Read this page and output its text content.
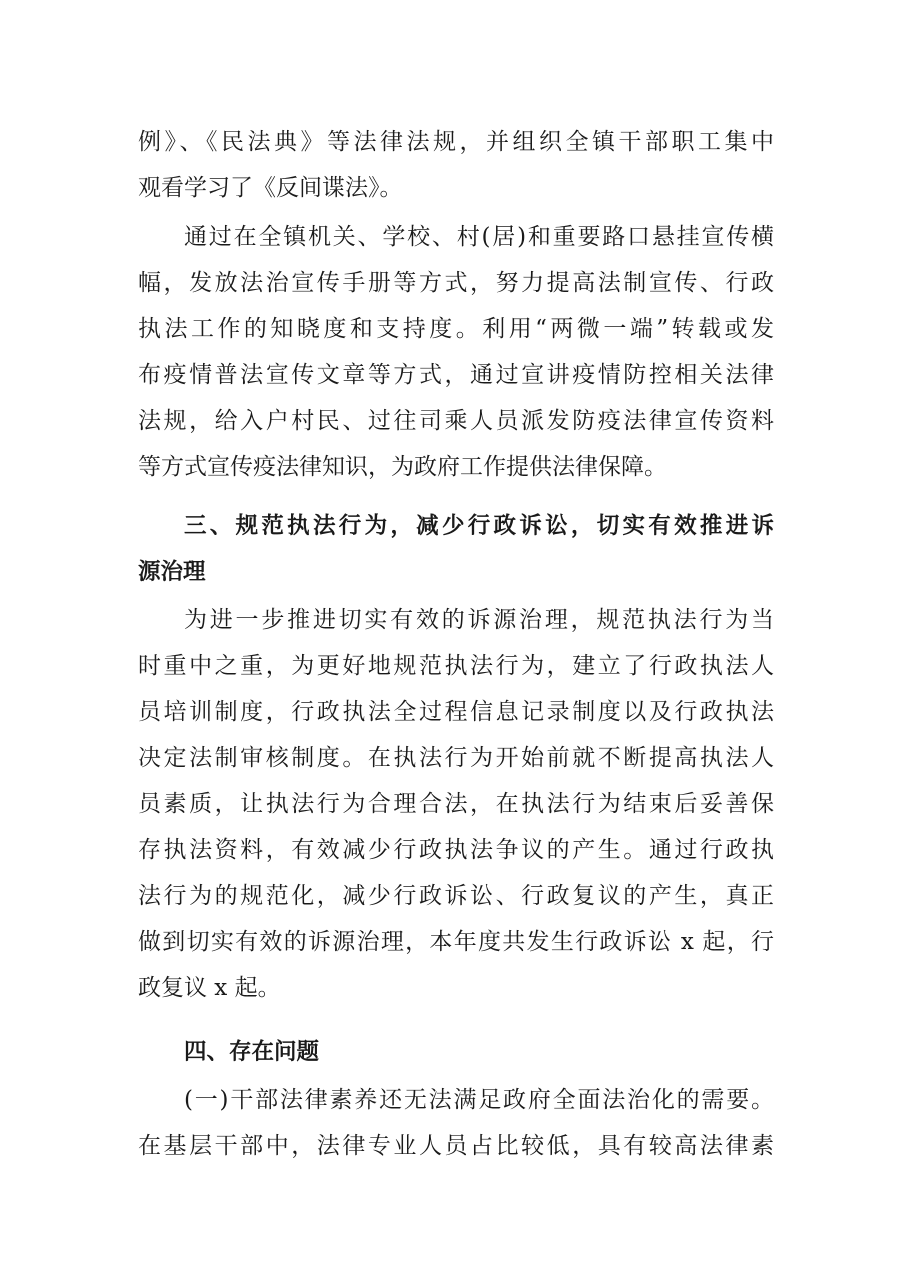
例》、《民法典》等法律法规，并组织全镇干部职工集中
观看学习了《反间谍法》。
通过在全镇机关、学校、村(居)和重要路口悬挂宣传横
幅，发放法治宣传手册等方式，努力提高法制宣传、行政
执法工作的知晓度和支持度。利用“两微一端”转载或发
布疫情普法宣传文章等方式，通过宣讲疫情防控相关法律
法规，给入户村民、过往司乘人员派发防疫法律宣传资料
等方式宣传疫法律知识，为政府工作提供法律保障。
三、规范执法行为，减少行政诉讼，切实有效推进诉
源治理
为进一步推进切实有效的诉源治理，规范执法行为当
时重中之重，为更好地规范执法行为，建立了行政执法人
员培训制度，行政执法全过程信息记录制度以及行政执法
决定法制审核制度。在执法行为开始前就不断提高执法人
员素质，让执法行为合理合法，在执法行为结束后妥善保
存执法资料，有效减少行政执法争议的产生。通过行政执
法行为的规范化，减少行政诉讼、行政复议的产生，真正
做到切实有效的诉源治理，本年度共发生行政诉讼 x 起，行
政复议 x 起。
四、存在问题
(一)干部法律素养还无法满足政府全面法治化的需要。
在基层干部中，法律专业人员占比较低，具有较高法律素
